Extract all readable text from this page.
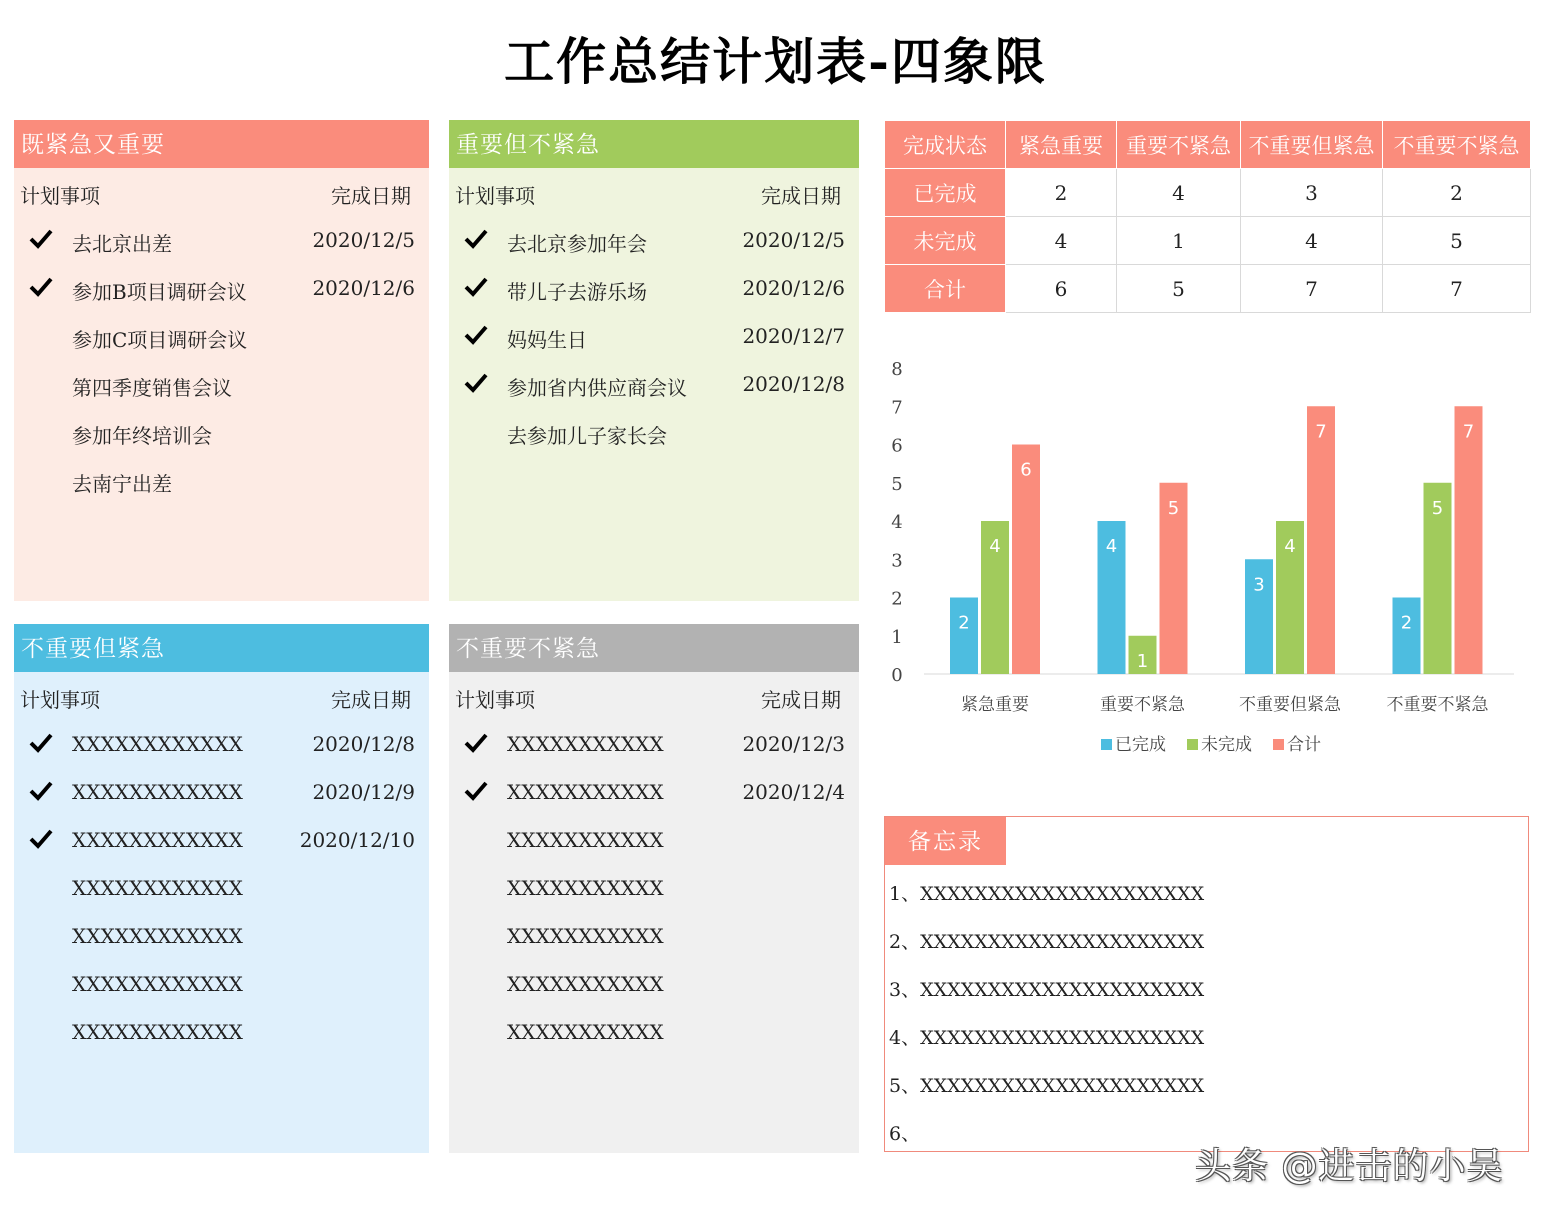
工作总结计划表-四象限
既紧急又重要
计划事项	完成日期
去北京出差	2020/12/5
参加B项目调研会议	2020/12/6
参加C项目调研会议
第四季度销售会议
参加年终培训会
去南宁出差
重要但不紧急
计划事项	完成日期
去北京参加年会	2020/12/5
带儿子去游乐场	2020/12/6
妈妈生日	2020/12/7
参加省内供应商会议	2020/12/8
去参加儿子家长会
不重要但紧急
计划事项	完成日期
XXXXXXXXXXXX	2020/12/8
XXXXXXXXXXXX	2020/12/9
XXXXXXXXXXXX	2020/12/10
XXXXXXXXXXXX
XXXXXXXXXXXX
XXXXXXXXXXXX
XXXXXXXXXXXX
不重要不紧急
计划事项	完成日期
XXXXXXXXXXX	2020/12/3
XXXXXXXXXXX	2020/12/4
XXXXXXXXXXX
XXXXXXXXXXX
XXXXXXXXXXX
XXXXXXXXXXX
XXXXXXXXXXX
完成状态	紧急重要	重要不紧急	不重要但紧急	不重要不紧急
已完成	2	4	3	2
未完成	4	1	4	5
合计	6	5	7	7
0
1
2
3
4
5
6
7
8
2
4
6
紧急重要
4
1
5
重要不紧急
3
4
7
不重要但紧急
2
5
7
不重要不紧急
已完成 未完成 合计
备忘录
1、XXXXXXXXXXXXXXXXXXXXX
2、XXXXXXXXXXXXXXXXXXXXX
3、XXXXXXXXXXXXXXXXXXXXX
4、XXXXXXXXXXXXXXXXXXXXX
5、XXXXXXXXXXXXXXXXXXXXX
6、
头条 @进击的小吴
